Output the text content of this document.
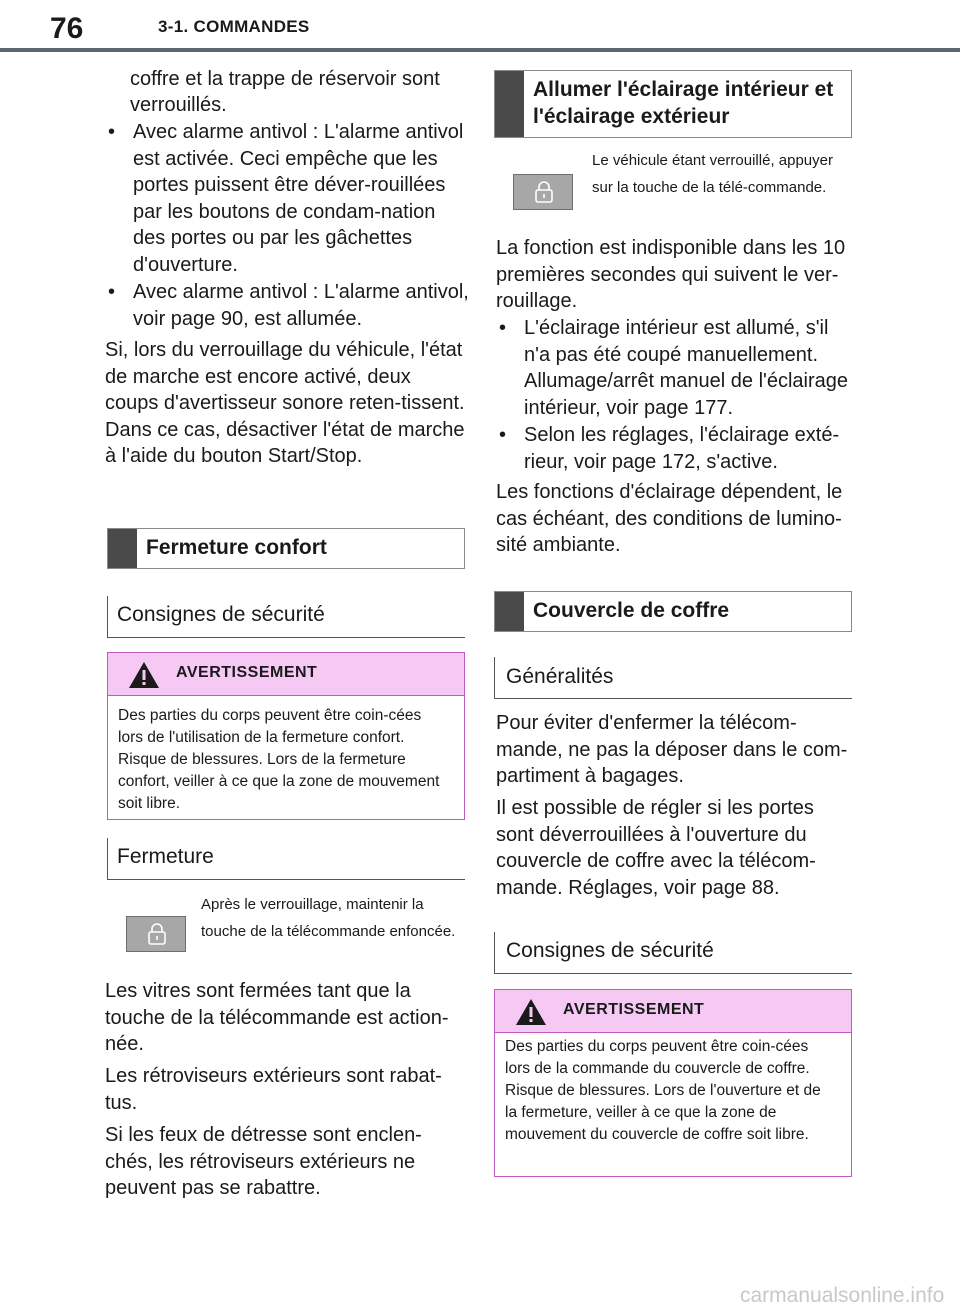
76	3-1. COMMANDES
coffre et la trappe de réservoir sont
verrouillés.
• Avec alarme antivol : L'alarme antivol est activée. Ceci empêche que les portes puissent être déver-rouillées par les boutons de condam-nation des portes ou par les gâchettes d'ouverture.
• Avec alarme antivol : L'alarme antivol, voir page 90, est allumée.
Si, lors du verrouillage du véhicule, l'état de marche est encore activé, deux coups d'avertisseur sonore reten-tissent. Dans ce cas, désactiver l'état de marche à l'aide du bouton Start/Stop.
Fermeture confort
Consignes de sécurité
AVERTISSEMENT
Des parties du corps peuvent être coin-cées lors de l'utilisation de la fermeture confort. Risque de blessures. Lors de la fermeture confort, veiller à ce que la zone de mouvement soit libre.
Fermeture
Après le verrouillage, maintenir la touche de la télécommande enfoncée.
Les vitres sont fermées tant que la touche de la télécommande est action-née.
Les rétroviseurs extérieurs sont rabat-tus.
Si les feux de détresse sont enclen-chés, les rétroviseurs extérieurs ne peuvent pas se rabattre.
Allumer l'éclairage intérieur et l'éclairage extérieur
Le véhicule étant verrouillé, appuyer sur la touche de la télé-commande.
La fonction est indisponible dans les 10 premières secondes qui suivent le ver-rouillage.
• L'éclairage intérieur est allumé, s'il n'a pas été coupé manuellement. Allumage/arrêt manuel de l'éclairage intérieur, voir page 177.
• Selon les réglages, l'éclairage exté-rieur, voir page 172, s'active.
Les fonctions d'éclairage dépendent, le cas échéant, des conditions de lumino-sité ambiante.
Couvercle de coffre
Généralités
Pour éviter d'enfermer la télécom-mande, ne pas la déposer dans le com-partiment à bagages.
Il est possible de régler si les portes sont déverrouillées à l'ouverture du couvercle de coffre avec la télécom-mande. Réglages, voir page 88.
Consignes de sécurité
AVERTISSEMENT
Des parties du corps peuvent être coin-cées lors de la commande du couvercle de coffre. Risque de blessures. Lors de l'ouverture et de la fermeture, veiller à ce que la zone de mouvement du couvercle de coffre soit libre.
carmanualsonline.info
